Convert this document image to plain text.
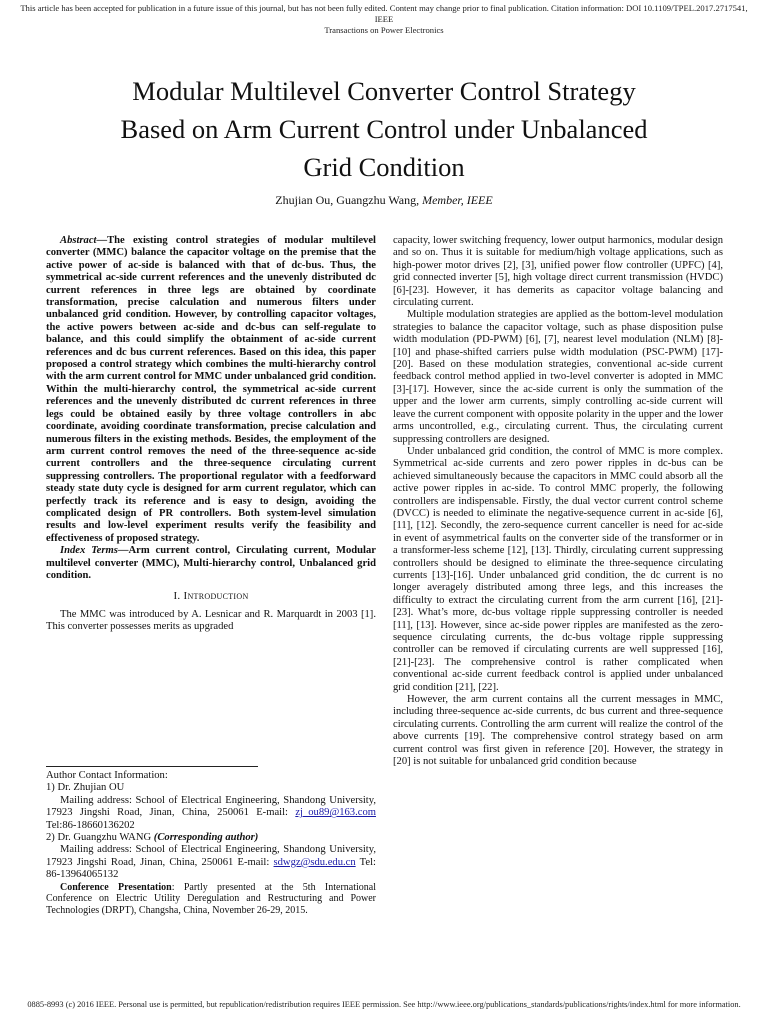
This article has been accepted for publication in a future issue of this journal, but has not been fully edited. Content may change prior to final publication. Citation information: DOI 10.1109/TPEL.2017.2717541, IEEE
Transactions on Power Electronics
Modular Multilevel Converter Control Strategy
Based on Arm Current Control under Unbalanced
Grid Condition
Zhujian Ou, Guangzhu Wang, Member, IEEE

Abstract—The existing control strategies of modular multilevel converter (MMC) balance the capacitor voltage on the premise that the active power of ac-side is balanced with that of dc-bus. Thus, the symmetrical ac-side current references and the unevenly distributed dc current references in three legs are obtained by coordinate transformation, precise calculation and numerous filters under unbalanced grid condition. However, by controlling capacitor voltages, the active powers between ac-side and dc-bus can self-regulate to balance, and this could simplify the obtainment of ac-side current references and dc bus current references. Based on this idea, this paper proposed a control strategy which combines the multi-hierarchy control with the arm current control for MMC under unbalanced grid condition. Within the multi-hierarchy control, the symmetrical ac-side current references and the unevenly distributed dc current references in three legs could be obtained easily by three voltage controllers in abc coordinate, avoiding coordinate transformation, precise calculation and numerous filters in the existing methods. Besides, the employment of the arm current control removes the need of the three-sequence ac-side current controllers and the three-sequence circulating current suppressing controllers. The proportional regulator with a feedforward steady state duty cycle is designed for arm current regulator, which can perfectly track its reference and is easy to design, avoiding the complicated design of PR controllers. Both system-level simulation results and low-level experiment results verify the feasibility and effectiveness of proposed strategy.

Index Terms—Arm current control, Circulating current, Modular multilevel converter (MMC), Multi-hierarchy control, Unbalanced grid condition.

I. Introduction

The MMC was introduced by A. Lesnicar and R. Marquardt in 2003 [1]. This converter possesses merits as upgraded

Author Contact Information:

1) Dr. Zhujian OU

Mailing address: School of Electrical Engineering, Shandong University, 17923 Jingshi Road, Jinan, China, 250061 E-mail: zj_ou89@163.com Tel:86-18660136202

2) Dr. Guangzhu WANG (Corresponding author)

Mailing address: School of Electrical Engineering, Shandong University, 17923 Jingshi Road, Jinan, China, 250061 E-mail: sdwgz@sdu.edu.cn Tel: 86-13964065132

Conference Presentation: Partly presented at the 5th International Conference on Electric Utility Deregulation and Restructuring and Power Technologies (DRPT), Changsha, China, November 26-29, 2015.

capacity, lower switching frequency, lower output harmonics, modular design and so on. Thus it is suitable for medium/high voltage applications, such as high-power motor drives [2], [3], unified power flow controller (UPFC) [4], grid connected inverter [5], high voltage direct current transmission (HVDC) [6]-[23]. However, it has demerits as capacitor voltage balancing and circulating current.

Multiple modulation strategies are applied as the bottom-level modulation strategies to balance the capacitor voltage, such as phase disposition pulse width modulation (PD-PWM) [6], [7], nearest level modulation (NLM) [8]-[10] and phase-shifted carriers pulse width modulation (PSC-PWM) [17]-[20]. Based on these modulation strategies, conventional ac-side current feedback control method applied in two-level converter is adopted in MMC [3]-[17]. However, since the ac-side current is only the summation of the upper and the lower arm currents, simply controlling ac-side current will leave the current component with opposite polarity in the upper and the lower arms uncontrolled, e.g., circulating current. Thus, the circulating current suppressing controllers are designed.

Under unbalanced grid condition, the control of MMC is more complex. Symmetrical ac-side currents and zero power ripples in dc-bus can be achieved simultaneously because the capacitors in MMC could absorb all the active power ripples in ac-side. To control MMC properly, the following controllers are indispensable. Firstly, the dual vector current control scheme (DVCC) is needed to eliminate the negative-sequence current in ac-side [6], [11], [12]. Secondly, the zero-sequence current canceller is need for ac-side in event of asymmetrical faults on the converter side of the transformer or in a transformer-less scheme [12], [13]. Thirdly, circulating current suppressing controllers should be designed to eliminate the three-sequence circulating currents [13]-[16]. Under unbalanced grid condition, the dc current is no longer averagely distributed among three legs, and this increases the difficulty to extract the circulating current from the arm current [16], [21]-[23]. What’s more, dc-bus voltage ripple suppressing controller is needed [11], [13]. However, since ac-side power ripples are manifested as the zero-sequence circulating currents, the dc-bus voltage ripple suppressing controller can be removed if circulating currents are well suppressed [16], [21]-[23]. The comprehensive control is rather complicated when conventional ac-side current feedback control is applied under unbalanced grid condition [21], [22].

However, the arm current contains all the current messages in MMC, including three-sequence ac-side currents, dc bus current and three-sequence circulating currents. Controlling the arm current will realize the control of the above currents [19]. The comprehensive control strategy based on arm current control was first given in reference [20]. However, the strategy in [20] is not suitable for unbalanced grid condition because

0885-8993 (c) 2016 IEEE. Personal use is permitted, but republication/redistribution requires IEEE permission. See http://www.ieee.org/publications_standards/publications/rights/index.html for more information.
